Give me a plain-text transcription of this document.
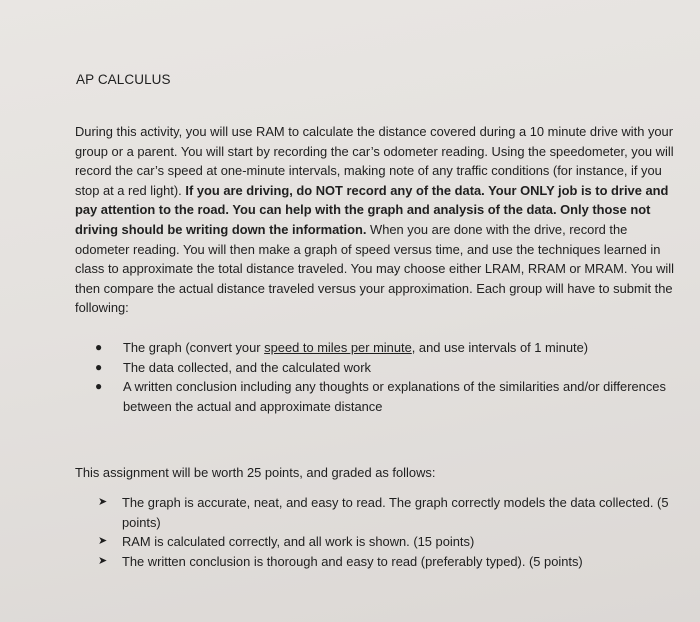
AP CALCULUS
During this activity, you will use RAM to calculate the distance covered during a 10 minute drive with your group or a parent. You will start by recording the car’s odometer reading. Using the speedometer, you will record the car’s speed at one-minute intervals, making note of any traffic conditions (for instance, if you stop at a red light). If you are driving, do NOT record any of the data. Your ONLY job is to drive and pay attention to the road. You can help with the graph and analysis of the data. Only those not driving should be writing down the information. When you are done with the drive, record the odometer reading. You will then make a graph of speed versus time, and use the techniques learned in class to approximate the total distance traveled. You may choose either LRAM, RRAM or MRAM. You will then compare the actual distance traveled versus your approximation. Each group will have to submit the following:
●	The graph (convert your speed to miles per minute, and use intervals of 1 minute)
●	The data collected, and the calculated work
●	A written conclusion including any thoughts or explanations of the similarities and/or differences between the actual and approximate distance
This assignment will be worth 25 points, and graded as follows:
➤	The graph is accurate, neat, and easy to read. The graph correctly models the data collected. (5 points)
➤	RAM is calculated correctly, and all work is shown. (15 points)
➤	The written conclusion is thorough and easy to read (preferably typed). (5 points)
